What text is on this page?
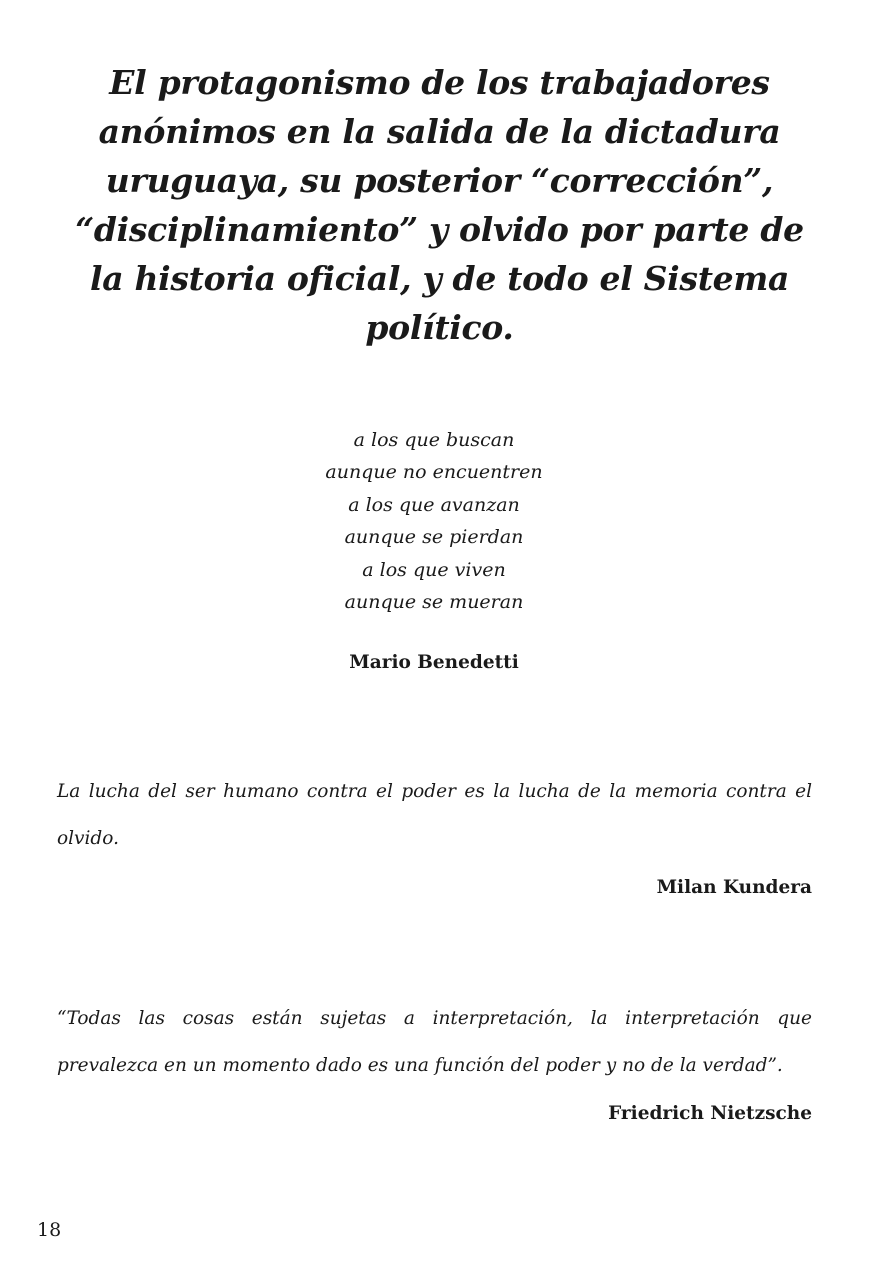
El protagonismo de los trabajadores
anónimos en la salida de la dictadura
uruguaya, su posterior “corrección”,
“disciplinamiento” y olvido por parte de
la historia oficial, y de todo el Sistema
político.
a los que buscan
aunque no encuentren
a los que avanzan
aunque se pierdan
a los que viven
aunque se mueran
Mario Benedetti

La lucha del ser humano contra el poder es la lucha de la memoria contra el
olvido.

Milan Kundera

“Todas las cosas están sujetas a interpretación, la interpretación que
prevalezca en un momento dado es una función del poder y no de la verdad”.

Friedrich Nietzsche
18
